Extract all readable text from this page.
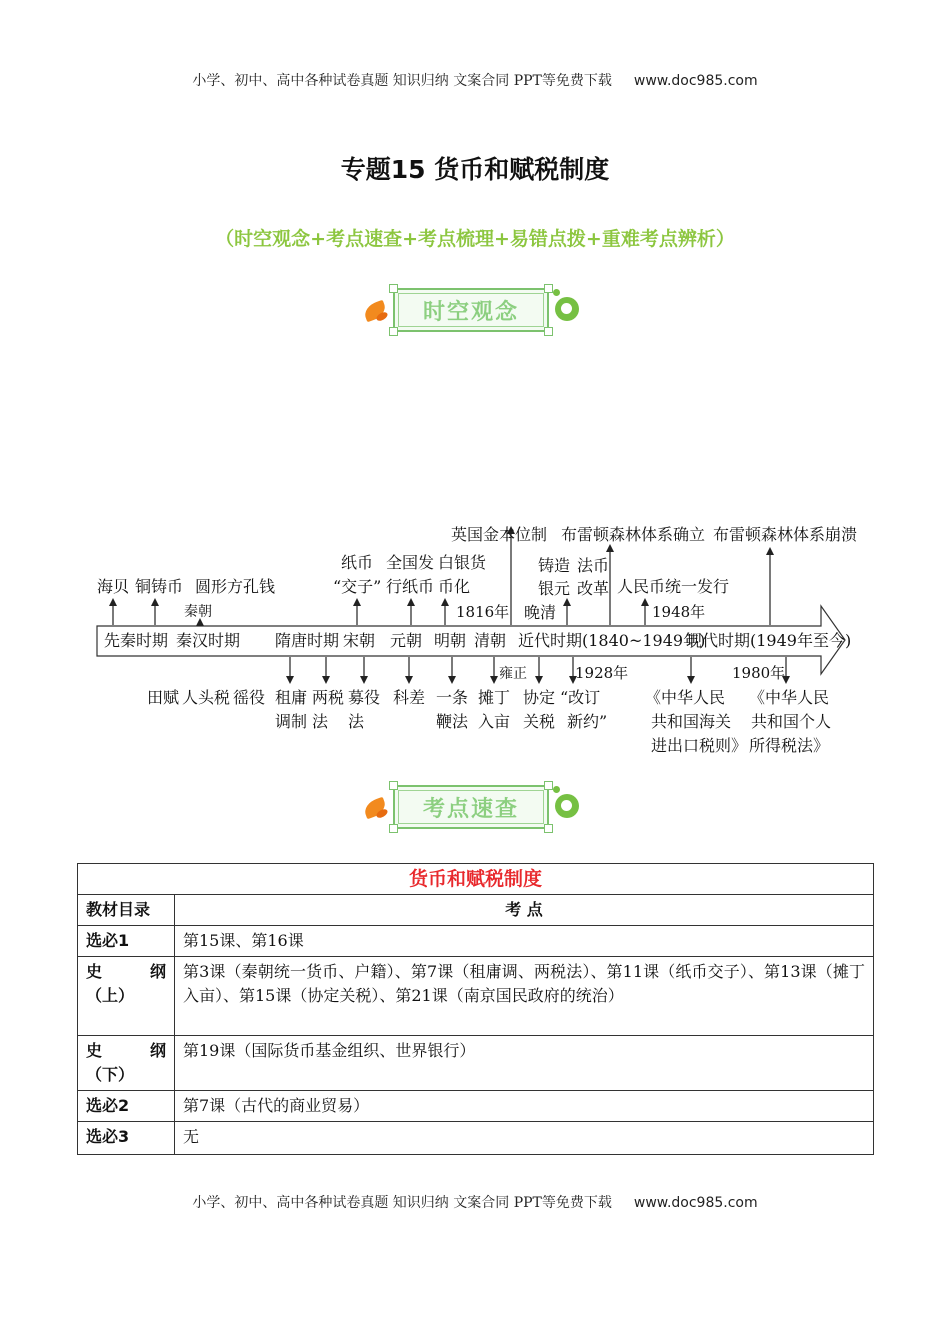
小学、初中、高中各种试卷真题 知识归纳 文案合同 PPT等免费下载 www.doc985.com
专题15 货币和赋税制度
（时空观念+考点速查+考点梳理+易错点拨+重难考点辨析）
时空观念
先秦时期 秦汉时期 隋唐时期 宋朝 元朝 明朝 清朝 近代时期(1840~1949年)
现代时期(1949年至今)
海贝 铜铸币 圆形方孔钱
秦朝
纸币
“交子”
全国发
行纸币
白银货
币化
1816年
英国金本位制
铸造
银元
晚清
法币
改革 人民币统一发行
1948年
布雷顿森林体系确立 布雷顿森林体系崩溃
田赋 人头税 徭役 租庸
调制
两税
法
募役
法
科差 一条
鞭法
雍正
摊丁
入亩
协定
关税
1928年
“改订
新约”
《中华人民
共和国海关
进出口税则》
1980年
《中华人民
共和国个人
所得税法》
考点速查
货币和赋税制度	
教材目录	考 点
选必1	第15课、第16课

史 纲
（上）	第3课（秦朝统一货币、户籍）、第7课（租庸调、两税法）、第11课（纸币交子）、第13课（摊丁入亩）、第15课（协定关税）、第21课（南京国民政府的统治）

史 纲
（下）	第19课（国际货币基金组织、世界银行）
选必2	第7课（古代的商业贸易）
选必3	无
小学、初中、高中各种试卷真题 知识归纳 文案合同 PPT等免费下载 www.doc985.com
